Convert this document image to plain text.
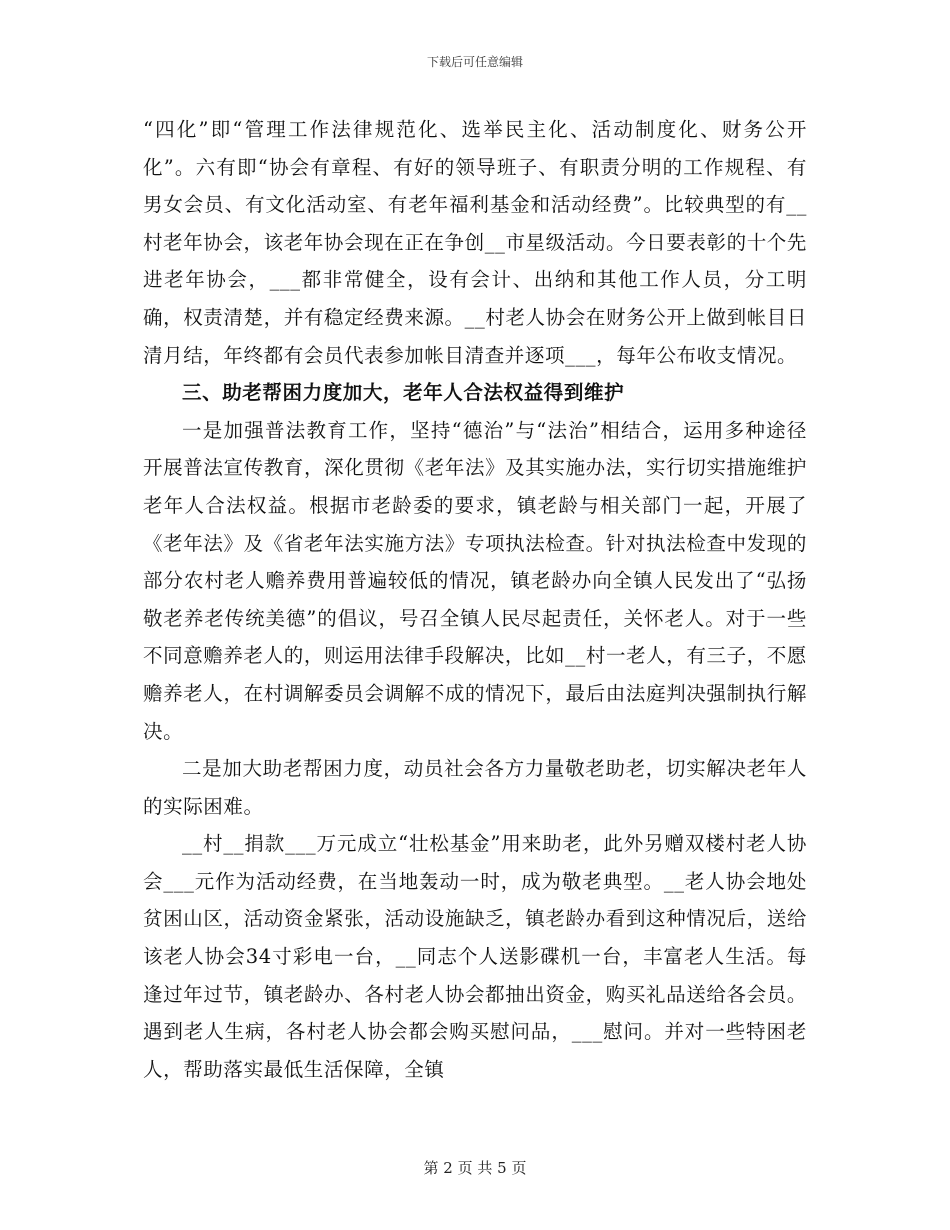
下载后可任意编辑

“四化”即“管理工作法律规范化、选举民主化、活动制度化、财务公开化”。六有即“协会有章程、有好的领导班子、有职责分明的工作规程、有男女会员、有文化活动室、有老年福利基金和活动经费”。比较典型的有__村老年协会，该老年协会现在正在争创__市星级活动。今日要表彰的十个先进老年协会，___都非常健全，设有会计、出纳和其他工作人员，分工明确，权责清楚，并有稳定经费来源。__村老人协会在财务公开上做到帐目日清月结，年终都有会员代表参加帐目清查并逐项___，每年公布收支情况。

三、助老帮困力度加大，老年人合法权益得到维护

一是加强普法教育工作，坚持“德治”与“法治”相结合，运用多种途径开展普法宣传教育，深化贯彻《老年法》及其实施办法，实行切实措施维护老年人合法权益。根据市老龄委的要求，镇老龄与相关部门一起，开展了《老年法》及《省老年法实施方法》专项执法检查。针对执法检查中发现的部分农村老人赡养费用普遍较低的情况，镇老龄办向全镇人民发出了“弘扬敬老养老传统美德”的倡议，号召全镇人民尽起责任，关怀老人。对于一些不同意赡养老人的，则运用法律手段解决，比如__村一老人，有三子，不愿赡养老人，在村调解委员会调解不成的情况下，最后由法庭判决强制执行解决。

二是加大助老帮困力度，动员社会各方力量敬老助老，切实解决老年人的实际困难。

__村__捐款___万元成立“壮松基金”用来助老，此外另赠双楼村老人协会___元作为活动经费，在当地轰动一时，成为敬老典型。__老人协会地处贫困山区，活动资金紧张，活动设施缺乏，镇老龄办看到这种情况后，送给该老人协会34寸彩电一台，__同志个人送影碟机一台，丰富老人生活。每逢过年过节，镇老龄办、各村老人协会都抽出资金，购买礼品送给各会员。遇到老人生病，各村老人协会都会购买慰问品，___慰问。并对一些特困老人，帮助落实最低生活保障，全镇

第 2 页 共 5 页
